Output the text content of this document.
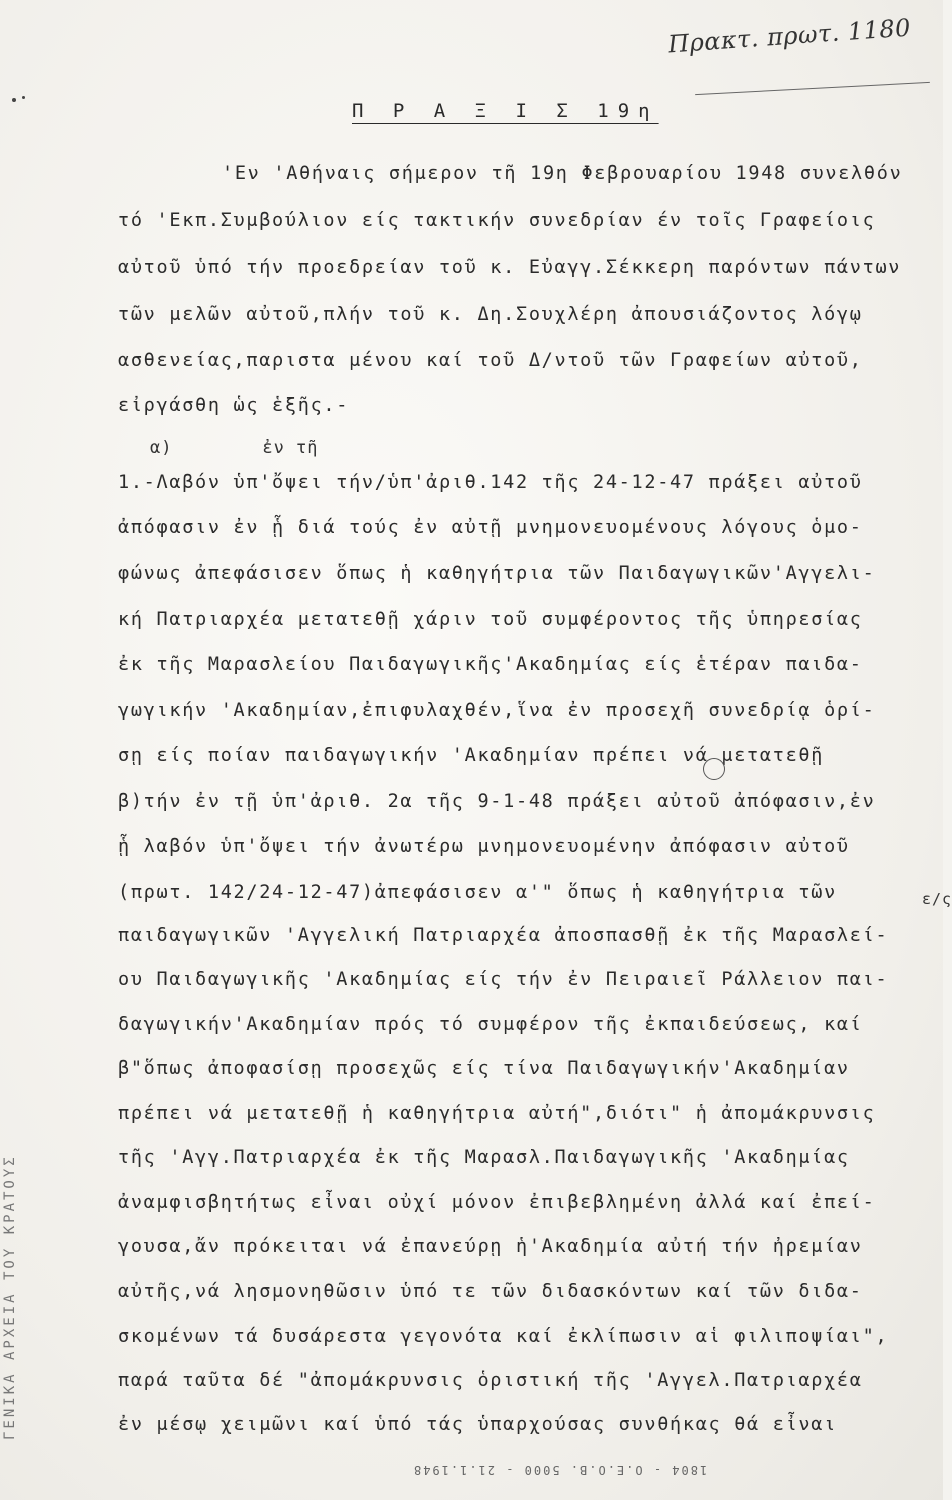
Πρακτ. πρωτ. 1180
Π Ρ Α Ξ Ι Σ 19η
'Εν 'Αθήναις σήμερον τῆ 19η Φεβρουαρίου 1948 συνελθόν
τό 'Εκπ.Συμβούλιον είς τακτικήν συνεδρίαν έν τοῖς Γραφείοις
αὐτοῦ ὑπό τήν προεδρείαν τοῦ κ. Εὐαγγ.Σέκκερη παρόντων πάντων
τῶν μελῶν αὐτοῦ,πλήν τοῦ κ. Δη.Σουχλέρη ἀπουσιάζοντος λόγῳ
ασθενείας,παριστα μένου καί τοῦ Δ/ντοῦ τῶν Γραφείων αὐτοῦ,
εἰργάσθη ὡς ἑξῆς.-
α)        ἐν τῆ
1.-Λαβόν ὑπ'ὄψει τήν/ὑπ'ἀριθ.142 τῆς 24-12-47 πράξει αὐτοῦ
ἀπόφασιν ἐν ᾗ διά τούς ἐν αὐτῇ μνημονευομένους λόγους ὁμο-
φώνως ἀπεφάσισεν ὅπως ἡ καθηγήτρια τῶν Παιδαγωγικῶν'Αγγελι-
κή Πατριαρχέα μετατεθῇ χάριν τοῦ συμφέροντος τῆς ὑπηρεσίας
ἐκ τῆς Μαρασλείου Παιδαγωγικῆς'Ακαδημίας είς ἑτέραν παιδα-
γωγικήν 'Ακαδημίαν,ἐπιφυλαχθέν,ἵνα ἐν προσεχῆ συνεδρίᾳ ὁρί-
σῃ είς ποίαν παιδαγωγικήν 'Ακαδημίαν πρέπει νά μετατεθῇ
β)τήν ἐν τῇ ὑπ'ἀριθ. 2α τῆς 9-1-48 πράξει αὐτοῦ ἀπόφασιν,ἐν
ᾗ λαβόν ὑπ'ὄψει τήν ἀνωτέρω μνημονευομένην ἀπόφασιν αὐτοῦ
(πρωτ. 142/24-12-47)ἀπεφάσισεν α'" ὅπως ἡ καθηγήτρια τῶν
παιδαγωγικῶν 'Αγγελική Πατριαρχέα ἀποσπασθῇ ἐκ τῆς Μαρασλεί-
ου Παιδαγωγικῆς 'Ακαδημίας είς τήν ἐν Πειραιεῖ Ράλλειον παι-
δαγωγικήν'Ακαδημίαν πρός τό συμφέρον τῆς ἐκπαιδεύσεως, καί
β"ὅπως ἀποφασίσῃ προσεχῶς είς τίνα Παιδαγωγικήν'Ακαδημίαν
πρέπει νά μετατεθῇ ἡ καθηγήτρια αὐτή",διότι" ἡ ἀπομάκρυνσις
τῆς 'Αγγ.Πατριαρχέα ἐκ τῆς Μαρασλ.Παιδαγωγικῆς 'Ακαδημίας
ἀναμφισβητήτως εἶναι οὐχί μόνον ἐπιβεβλημένη ἀλλά καί ἐπεί-
γουσα,ἄν πρόκειται νά ἐπανεύρῃ ἡ'Ακαδημία αὐτή τήν ἠρεμίαν
αὐτῆς,νά λησμονηθῶσιν ὑπό τε τῶν διδασκόντων καί τῶν διδα-
σκομένων τά δυσάρεστα γεγονότα καί ἐκλίπωσιν αἱ φιλιποψίαι",
παρά ταῦτα δέ "ἀπομάκρυνσις ὁριστική τῆς 'Αγγελ.Πατριαρχέα
ἐν μέσῳ χειμῶνι καί ὑπό τάς ὑπαρχούσας συνθήκας θά εἶναι
ε/ς
ΓΕΝΙΚΑ ΑΡΧΕΙΑ ΤΟΥ ΚΡΑΤΟΥΣ
1804 - Ο.Ε.Ο.Β. 5000 - 21.1.1948
